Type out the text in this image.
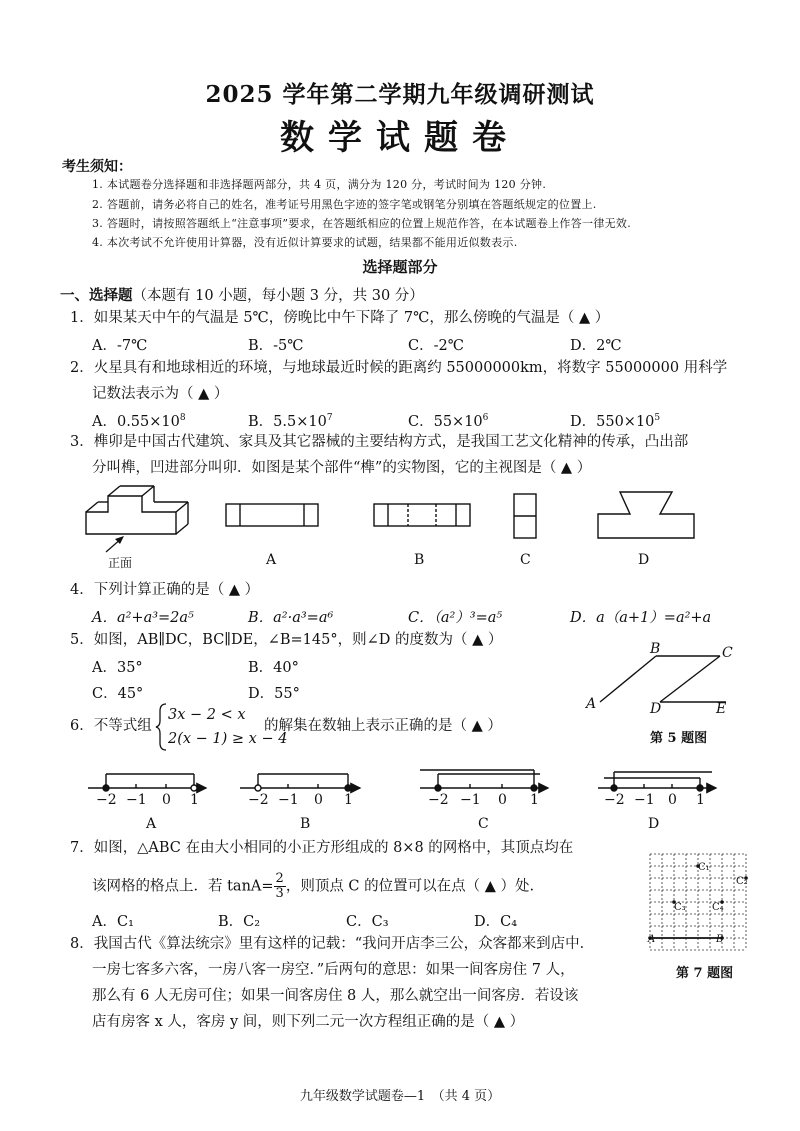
2025 学年第二学期九年级调研测试
数学试题卷
考生须知：
1. 本试题卷分选择题和非选择题两部分，共 4 页，满分为 120 分，考试时间为 120 分钟.
2. 答题前，请务必将自己的姓名，准考证号用黑色字迹的签字笔或钢笔分别填在答题纸规定的位置上.
3. 答题时，请按照答题纸上“注意事项”要求，在答题纸相应的位置上规范作答，在本试题卷上作答一律无效.
4. 本次考试不允许使用计算器，没有近似计算要求的试题，结果都不能用近似数表示.
选择题部分
一、选择题（本题有 10 小题，每小题 3 分，共 30 分）
1．如果某天中午的气温是 5℃，傍晚比中午下降了 7℃，那么傍晚的气温是（ ▲ ）
A．-7℃	B．-5℃	C．-2℃	D．2℃
2．火星具有和地球相近的环境，与地球最近时候的距离约 55000000km，将数字 55000000 用科学
记数法表示为（ ▲ ）
A．$0.55\times 10^8$	B．$5.5\times 10^7$	C．$55\times 10^6$	D．$550\times 10^5$
3．榫卯是中国古代建筑、家具及其它器械的主要结构方式，是我国工艺文化精神的传承，凸出部
分叫榫，凹进部分叫卯．如图是某个部件“榫”的实物图，它的主视图是（ ▲ ）
正面	A	B	C	D
4．下列计算正确的是（ ▲ ）
A．a²+a³=2a⁵	B．a²·a³=a⁶	C．（a²）³=a⁵	D．a（a+1）=a²+a
5．如图，AB∥DC，BC∥DE，∠B=145°，则∠D 的度数为（ ▲ ）
A．35°	B．40°
C．45°	D．55°
B	C
A	D	E
第 5 题图
6．不等式组
3x − 2 < x
2(x − 1) ≥ x − 4
的解集在数轴上表示正确的是（ ▲ ）
−2 −1 0 1	−2 −1 0 1	−2 −1 0 1	−2 −1 0 1
A	B	C	D
7．如图，△ABC 在由大小相同的小正方形组成的 8×8 的网格中，其顶点均在
该网格的格点上．若 $\tan A= \frac{2}{3}$ ，则顶点 C 的位置可以在点（ ▲ ）处.
A．C₁	B．C₂	C．C₃	D．C₄
C₁
C₂
C₃	C₄
A	B
第 7 题图
8．我国古代《算法统宗》里有这样的记载：“我问开店李三公，众客都来到店中．
一房七客多六客，一房八客一房空．”后两句的意思：如果一间客房住 7 人，
那么有 6 人无房可住；如果一间客房住 8 人，那么就空出一间客房．若设该
店有房客 x 人，客房 y 间，则下列二元一次方程组正确的是（ ▲ ）
九年级数学试题卷—1　（共 4 页）
